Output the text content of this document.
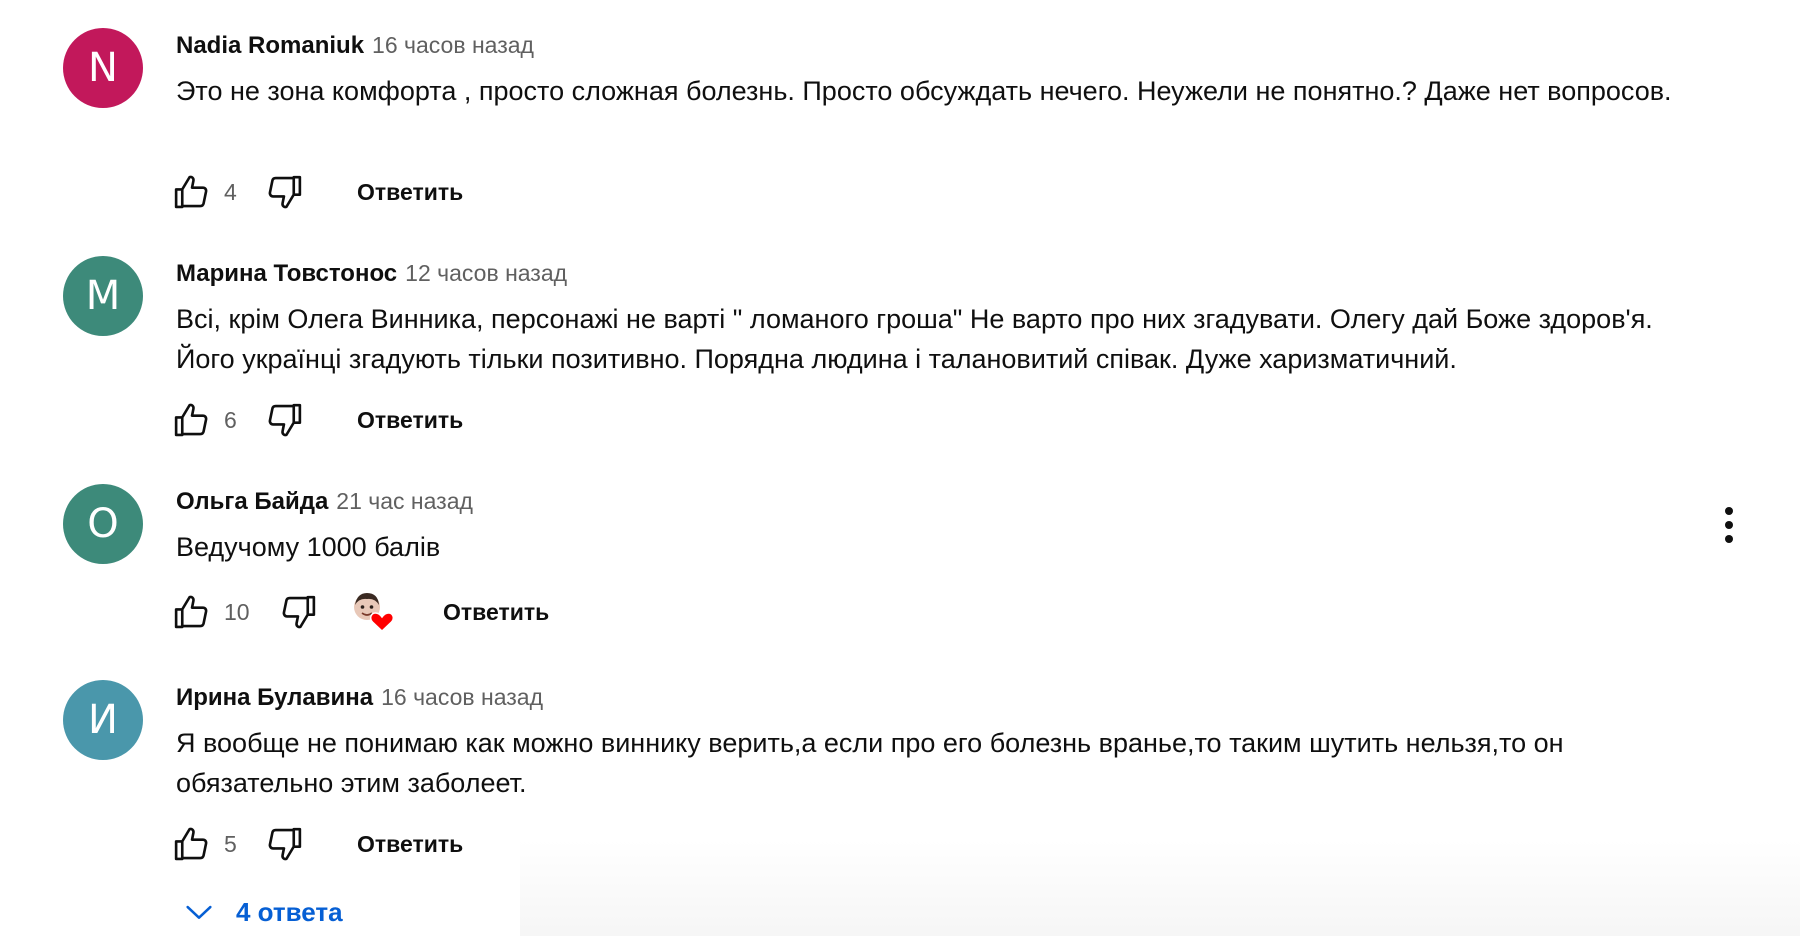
N	Nadia Romaniuk 16 часов назад
Это не зона комфорта , просто сложная болезнь. Просто обсуждать нечего. Неужели не понятно.? Даже нет вопросов.
4	Ответить
M	Марина Товстонос 12 часов назад
Всі, крім Олега Винника, персонажі не варті " ломаного гроша" Не варто про них згадувати. Олегу дай Боже здоров'я. Його українці згадують тільки позитивно. Порядна людина і талановитий співак. Дуже харизматичний.
6	Ответить
О	Ольга Байда 21 час назад
Ведучому 1000 балів
10	Ответить
И	Ирина Булавина 16 часов назад
Я вообще не понимаю как можно виннику верить,а если про его болезнь вранье,то таким шутить нельзя,то он обязательно этим заболеет.
5	Ответить
4 ответа
